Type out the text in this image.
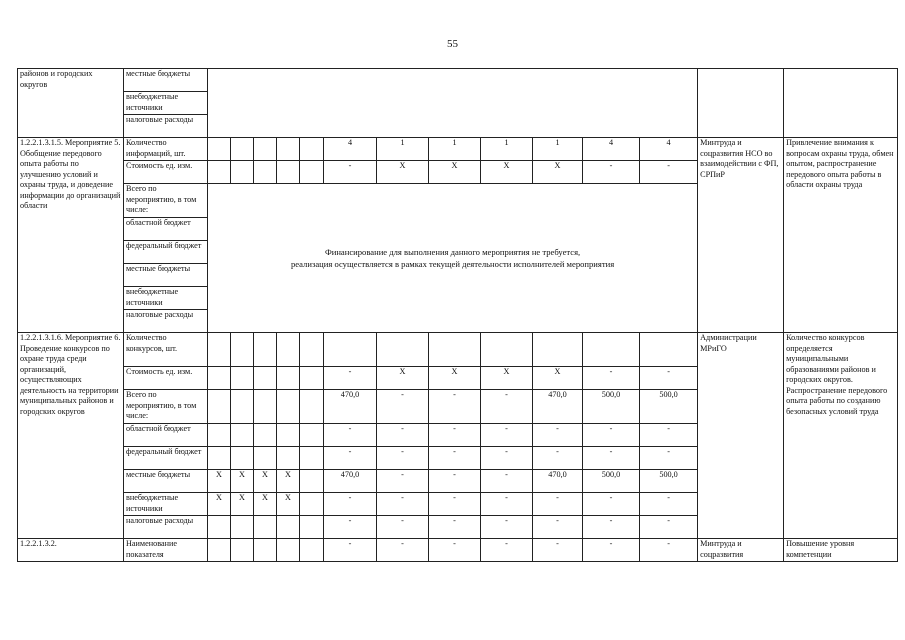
55
районов и городских округов	местные бюджеты														
	внебюджетные источники														
	налоговые расходы														
1.2.2.1.3.1.5. Мероприятие 5. Обобщение передового опыта работы по улучшению условий и охраны труда, и доведение информации до организаций области	Количество информаций, шт.						4	1	1	1	1	4	4	Минтруда и соцразвития НСО во взаимодействии с ФП, СРПиР	Привлечение внимания к вопросам охраны труда, обмен опытом, распространение передового опыта работы в области охраны труда
	Стоимость ед. изм.						-	X	X	X	X	-	-		
	Всего по мероприятию, в том числе:	Финансирование для выполнения данного мероприятия не требуется,
реализация осуществляется в рамках текущей деятельности исполнителей мероприятия													

	областной бюджет														
	федеральный бюджет														
	местные бюджеты														
	внебюджетные источники														
	налоговые расходы														
1.2.2.1.3.1.6. Мероприятие 6. Проведение конкурсов по охране труда среди организаций, осуществляющих деятельность на территории муниципальных районов и городских округов	Количество конкурсов, шт.													Администрации МРиГО	Количество конкурсов определяется муниципальными образованиями районов и городских округов. Распространение передового опыта работы по созданию безопасных условий труда
	Стоимость ед. изм.						-	X	X	X	X	-	-		
	Всего по мероприятию, в том числе:						470,0	-	-	-	470,0	500,0	500,0		
	областной бюджет						-	-	-	-	-	-	-		
	федеральный бюджет						-	-	-	-	-	-	-		
	местные бюджеты	X	X	X	X		470,0	-	-	-	470,0	500,0	500,0		
	внебюджетные источники	X	X	X	X		-	-	-	-	-	-	-		
	налоговые расходы						-	-	-	-	-	-	-		
1.2.2.1.3.2.	Наименование показателя						-	-	-	-	-	-	-	Минтруда и соцразвития	Повышение уровня компетенции
